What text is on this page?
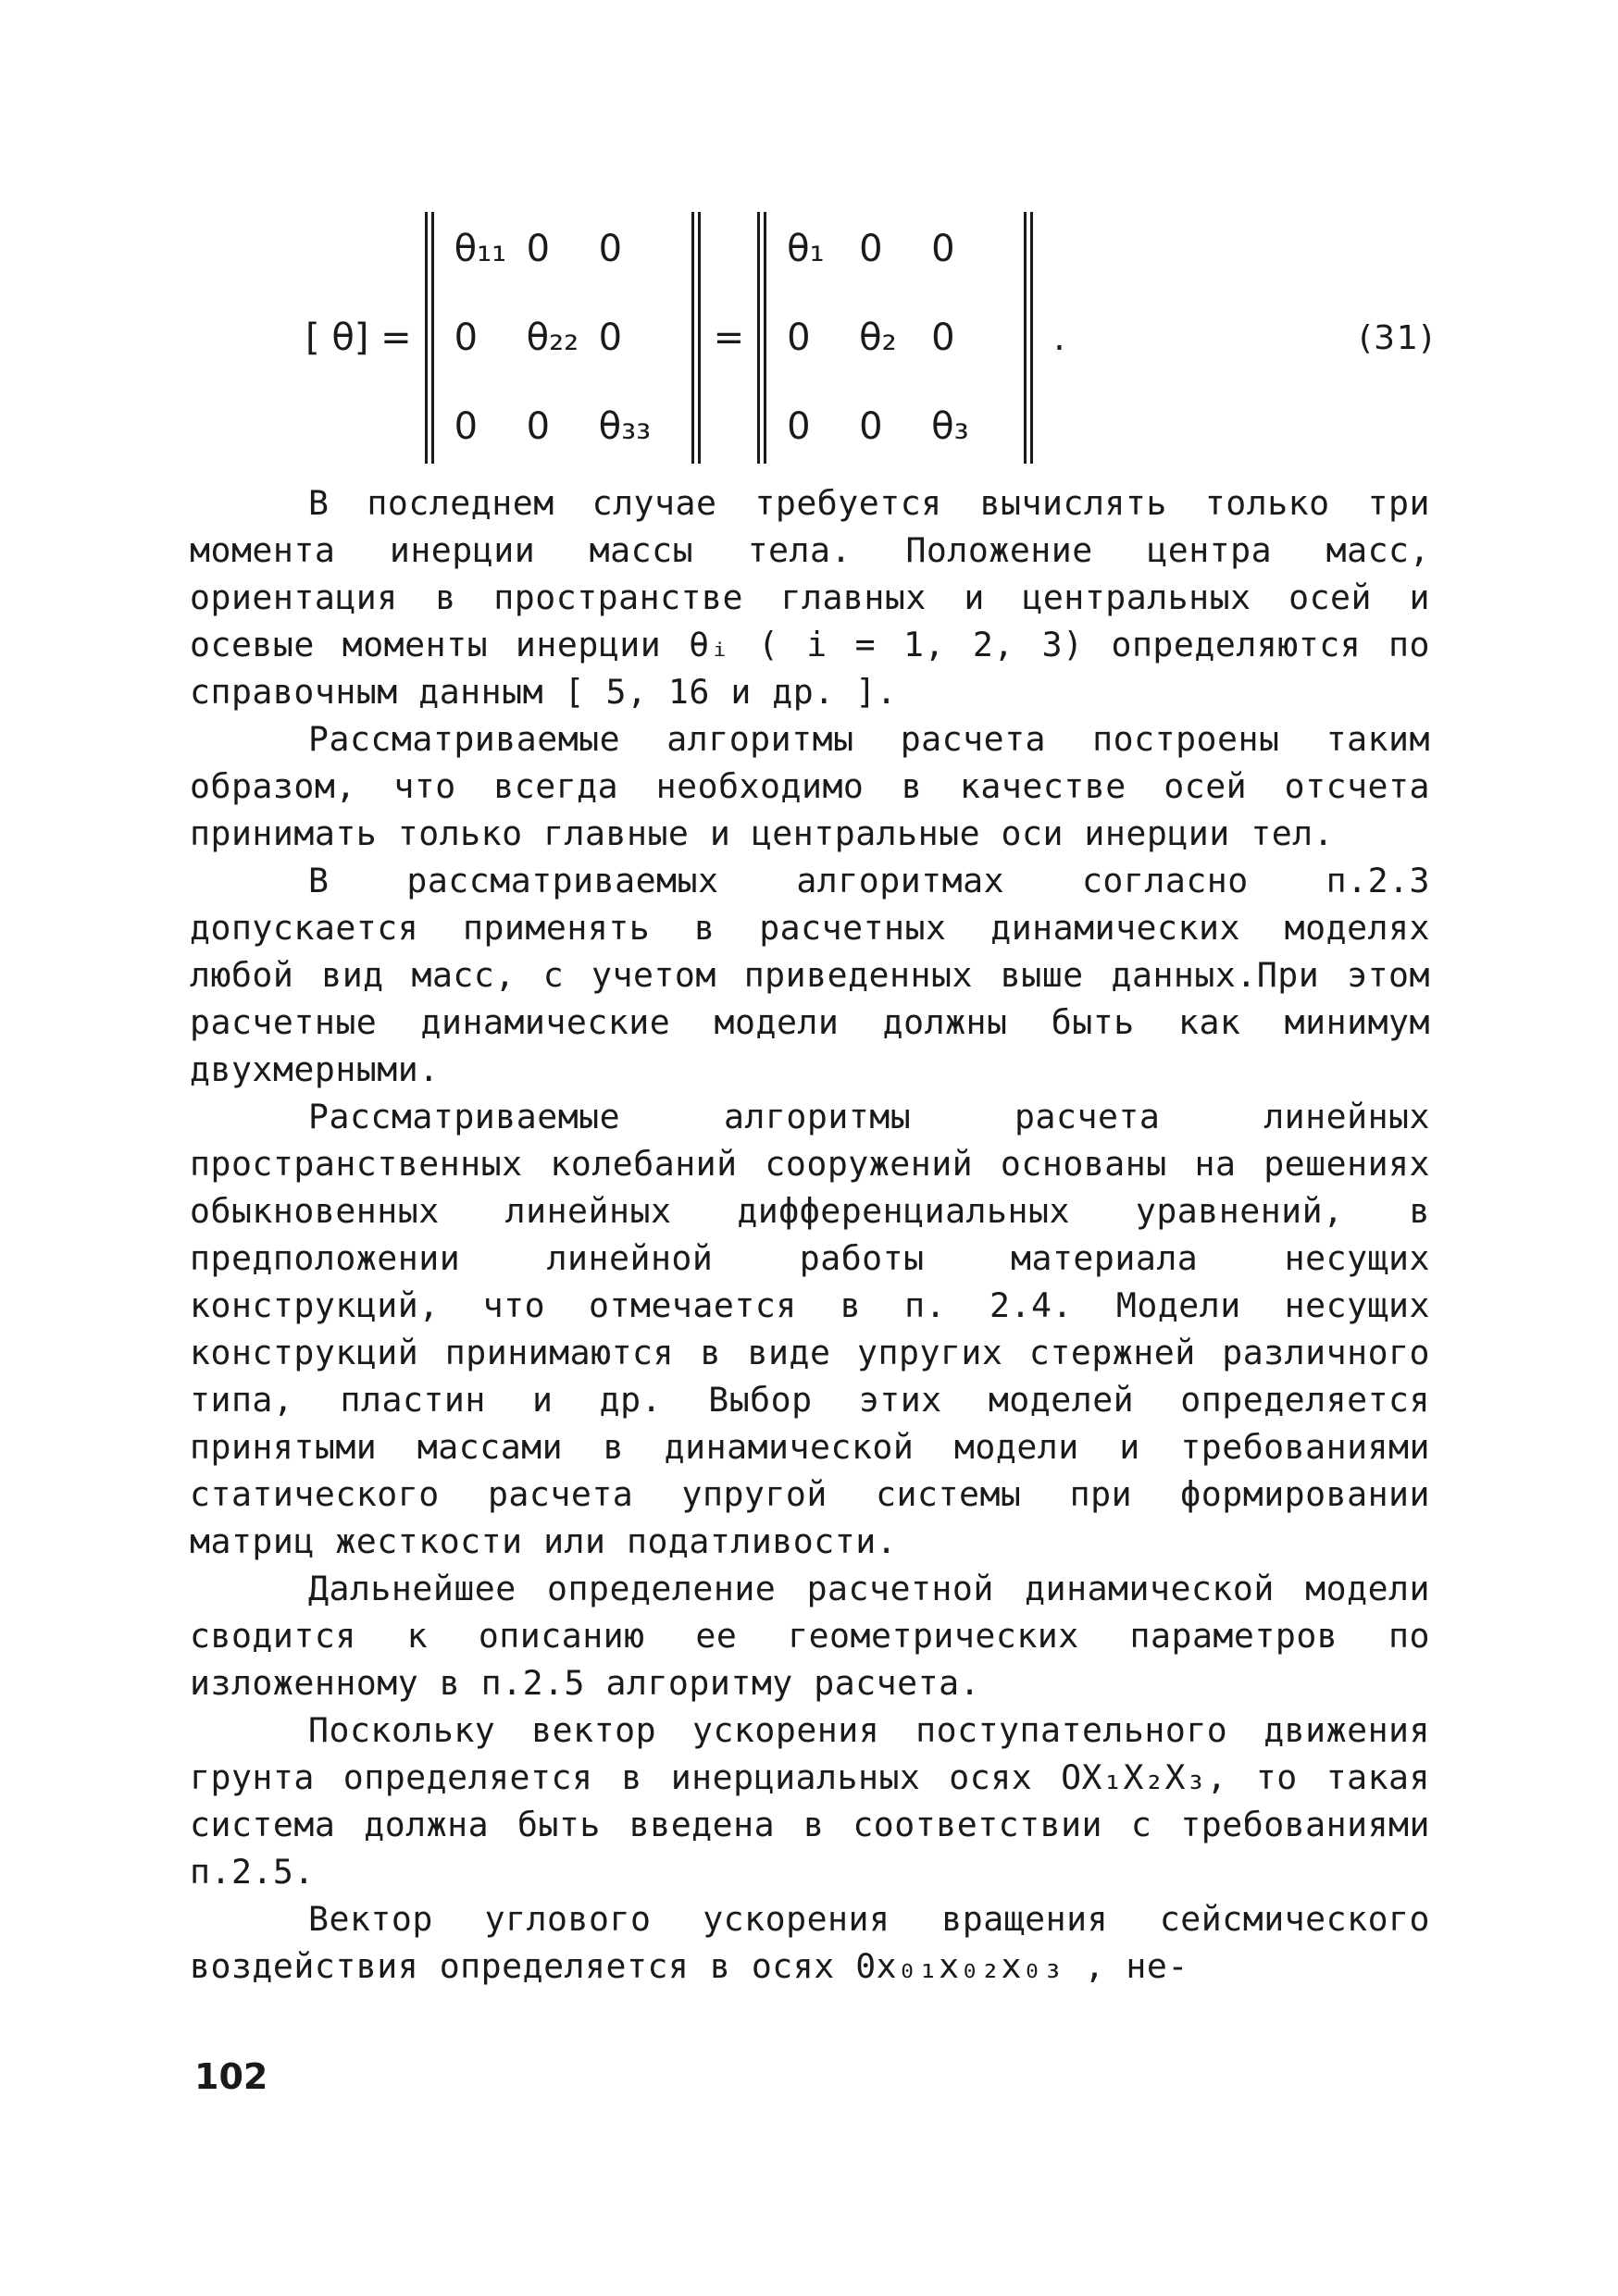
[ θ] =
θ₁₁ 0	0
0	θ₂₂ 0
0	0	θ₃₃
=
θ₁ 0	0
0	θ₂ 0
0	0	θ₃
.	(31)

В последнем случае требуется вычислять только три момента инерции массы тела. Положение центра масс, ориентация в пространстве главных и центральных осей и осевые моменты инерции θᵢ ( i = 1, 2, 3) определяются по справочным данным [ 5, 16 и др. ].

Рассматриваемые алгоритмы расчета построены таким образом, что всегда необходимо в качестве осей отсчета принимать только главные и центральные оси инерции тел.

В рассматриваемых алгоритмах согласно п.2.3 допускается применять в расчетных динамических моделях любой вид масс, с учетом приведенных выше данных.При этом расчетные динамические модели должны быть как минимум двухмерными.

Рассматриваемые алгоритмы расчета линейных пространственных колебаний сооружений основаны на решениях обыкновенных линейных дифференциальных уравнений, в предположении линейной работы материала несущих конструкций, что отмечается в п. 2.4. Модели несущих конструкций принимаются в виде упругих стержней различного типа, пластин и др. Выбор этих моделей определяется принятыми массами в динамической модели и требованиями статического расчета упругой системы при формировании матриц жесткости или податливости.

Дальнейшее определение расчетной динамической модели сводится к описанию ее геометрических параметров по изложенному в п.2.5 алгоритму расчета.

Поскольку вектор ускорения поступательного движения грунта определяется в инерциальных осях OX₁X₂X₃, то такая система должна быть введена в соответствии с требованиями п.2.5.

Вектор углового ускорения вращения сейсмического воздействия определяется в осях 0x₀₁x₀₂x₀₃ , не-

102
